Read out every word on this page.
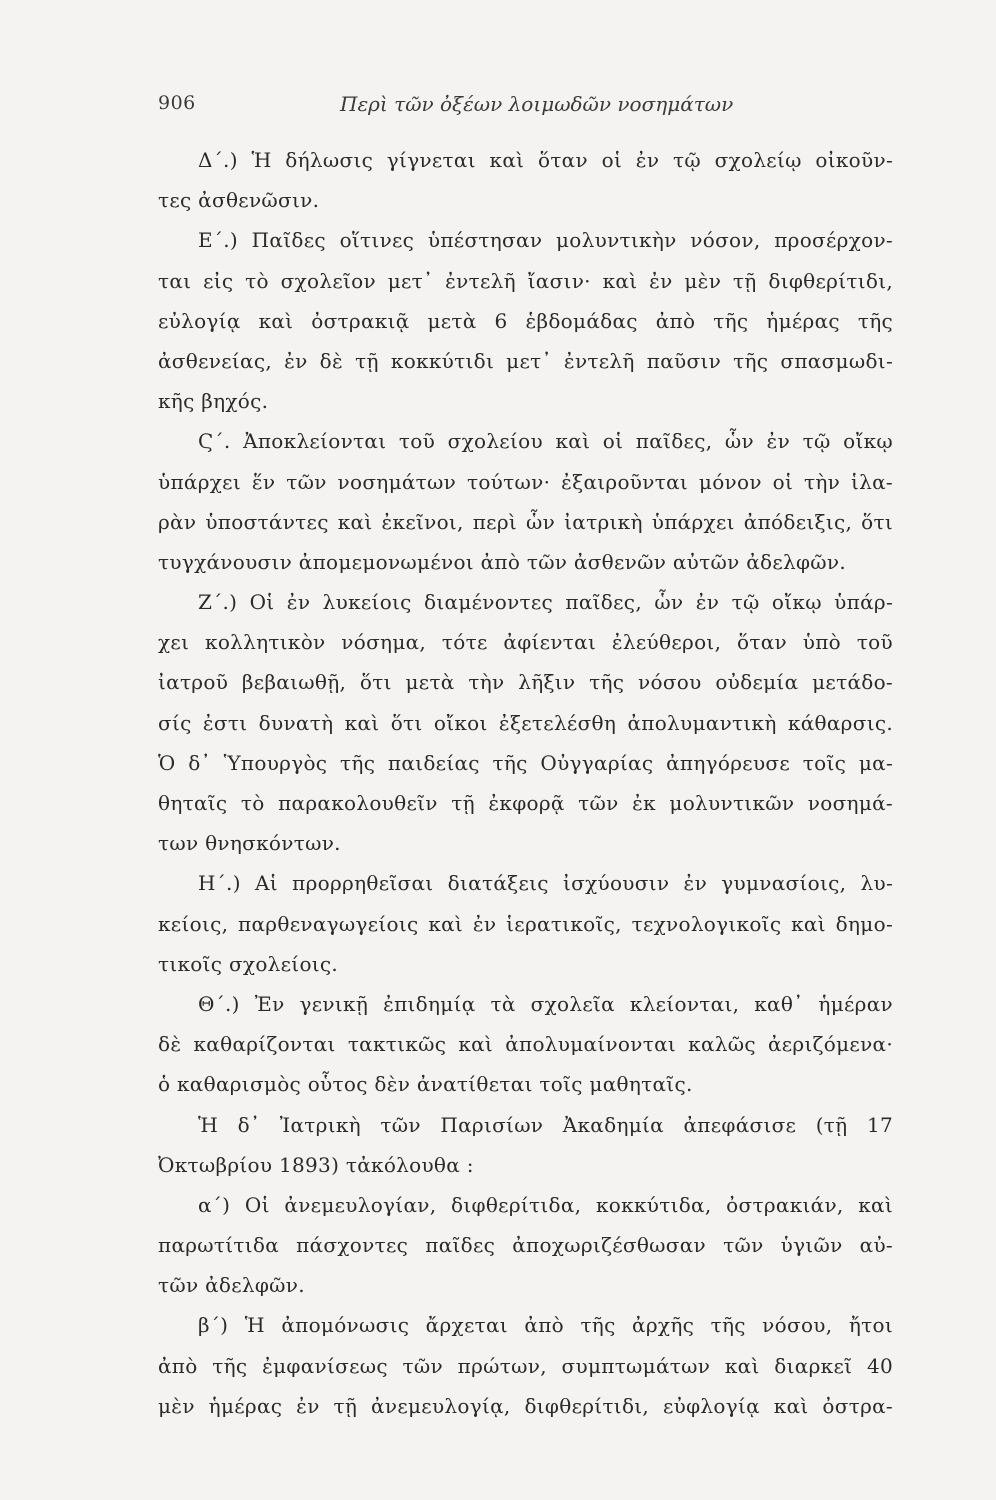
906	Περὶ τῶν ὀξέων λοιμωδῶν νοσημάτων
Δ΄.) Ἡ δήλωσις γίγνεται καὶ ὅταν οἱ ἐν τῷ σχολείῳ οἰκοῦν-
τες ἀσθενῶσιν.
Ε΄.) Παῖδες οἵτινες ὑπέστησαν μολυντικὴν νόσον, προσέρχον-
ται εἰς τὸ σχολεῖον μετ᾽ ἐντελῆ ἴασιν· καὶ ἐν μὲν τῇ διφθερίτιδι,
εὐλογίᾳ καὶ ὀστρακιᾷ μετὰ 6 ἑβδομάδας ἀπὸ τῆς ἡμέρας τῆς
ἀσθενείας, ἐν δὲ τῇ κοκκύτιδι μετ᾽ ἐντελῆ παῦσιν τῆς σπασμωδι-
κῆς βηχός.
Ϛ΄. Ἀποκλείονται τοῦ σχολείου καὶ οἱ παῖδες, ὧν ἐν τῷ οἴκῳ
ὑπάρχει ἕν τῶν νοσημάτων τούτων· ἐξαιροῦνται μόνον οἱ τὴν ἱλα-
ρὰν ὑποστάντες καὶ ἐκεῖνοι, περὶ ὧν ἰατρικὴ ὑπάρχει ἀπόδειξις, ὅτι
τυγχάνουσιν ἀπομεμονωμένοι ἀπὸ τῶν ἀσθενῶν αὐτῶν ἀδελφῶν.
Ζ΄.) Οἱ ἐν λυκείοις διαμένοντες παῖδες, ὧν ἐν τῷ οἴκῳ ὑπάρ-
χει κολλητικὸν νόσημα, τότε ἀφίενται ἐλεύθεροι, ὅταν ὑπὸ τοῦ
ἰατροῦ βεβαιωθῇ, ὅτι μετὰ τὴν λῆξιν τῆς νόσου οὐδεμία μετάδο-
σίς ἐστι δυνατὴ καὶ ὅτι οἴκοι ἐξετελέσθη ἀπολυμαντικὴ κάθαρσις.
Ὁ δ᾽ Ὑπουργὸς τῆς παιδείας τῆς Οὐγγαρίας ἀπηγόρευσε τοῖς μα-
θηταῖς τὸ παρακολουθεῖν τῇ ἐκφορᾷ τῶν ἐκ μολυντικῶν νοσημά-
των θνησκόντων.
Η΄.) Αἱ προρρηθεῖσαι διατάξεις ἰσχύουσιν ἐν γυμνασίοις, λυ-
κείοις, παρθεναγωγείοις καὶ ἐν ἱερατικοῖς, τεχνολογικοῖς καὶ δημο-
τικοῖς σχολείοις.
Θ΄.) Ἐν γενικῇ ἐπιδημίᾳ τὰ σχολεῖα κλείονται, καθ᾽ ἡμέραν
δὲ καθαρίζονται τακτικῶς καὶ ἀπολυμαίνονται καλῶς ἀεριζόμενα·
ὁ καθαρισμὸς οὗτος δὲν ἀνατίθεται τοῖς μαθηταῖς.
Ἡ δ᾽ Ἰατρικὴ τῶν Παρισίων Ἀκαδημία ἀπεφάσισε (τῇ 17
Ὀκτωβρίου 1893) τἀκόλουθα :
α΄) Οἱ ἀνεμευλογίαν, διφθερίτιδα, κοκκύτιδα, ὀστρακιάν, καὶ
παρωτίτιδα πάσχοντες παῖδες ἀποχωριζέσθωσαν τῶν ὑγιῶν αὐ-
τῶν ἀδελφῶν.
β΄) Ἡ ἀπομόνωσις ἄρχεται ἀπὸ τῆς ἀρχῆς τῆς νόσου, ἤτοι
ἀπὸ τῆς ἐμφανίσεως τῶν πρώτων, συμπτωμάτων καὶ διαρκεῖ 40
μὲν ἡμέρας ἐν τῇ ἀνεμευλογίᾳ, διφθερίτιδι, εὐφλογίᾳ καὶ ὀστρα-
